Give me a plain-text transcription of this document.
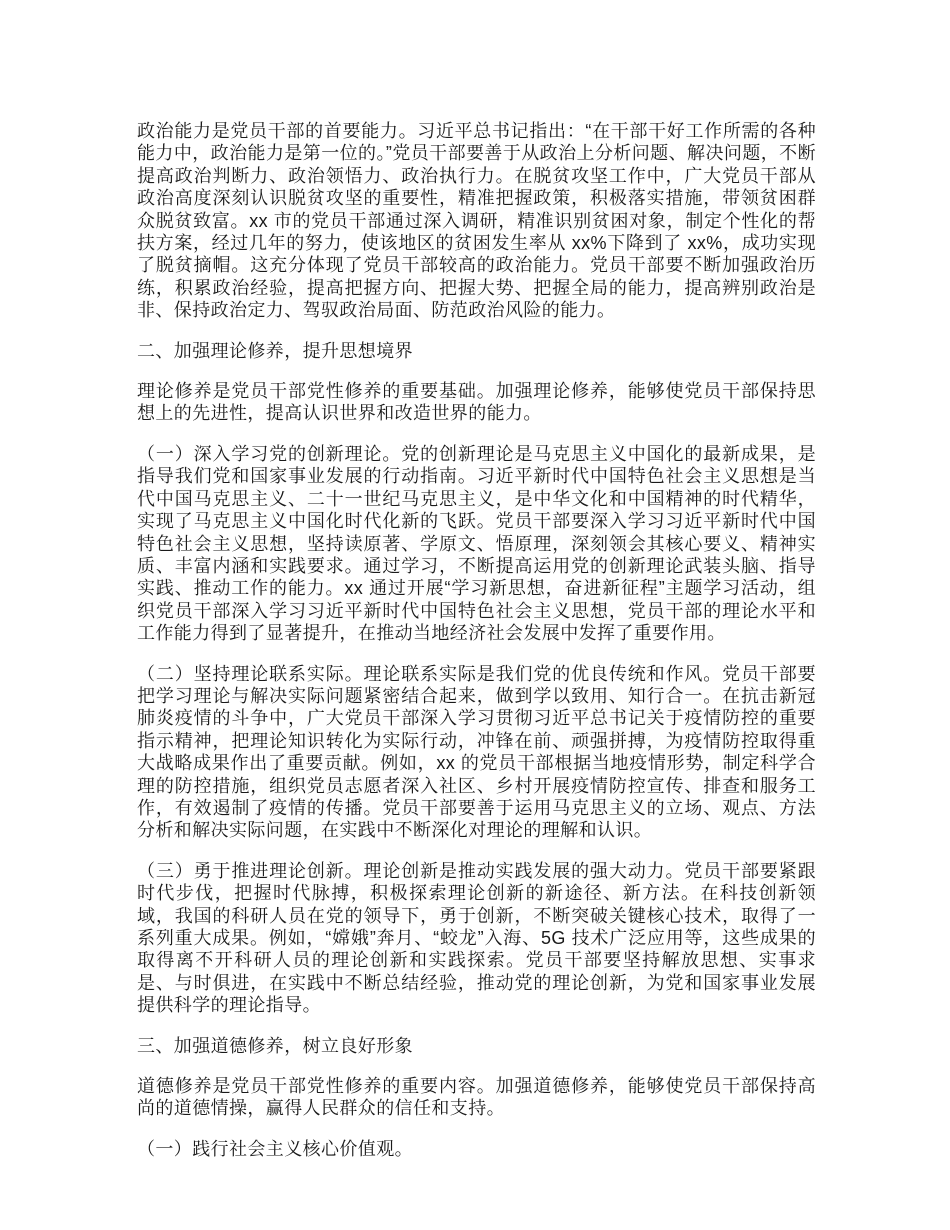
政治能力是党员干部的首要能力。习近平总书记指出：“在干部干好工作所需的各种能力中，政治能力是第一位的。”党员干部要善于从政治上分析问题、解决问题，不断提高政治判断力、政治领悟力、政治执行力。在脱贫攻坚工作中，广大党员干部从政治高度深刻认识脱贫攻坚的重要性，精准把握政策，积极落实措施，带领贫困群众脱贫致富。xx 市的党员干部通过深入调研，精准识别贫困对象，制定个性化的帮扶方案，经过几年的努力，使该地区的贫困发生率从 xx%下降到了 xx%，成功实现了脱贫摘帽。这充分体现了党员干部较高的政治能力。党员干部要不断加强政治历练，积累政治经验，提高把握方向、把握大势、把握全局的能力，提高辨别政治是非、保持政治定力、驾驭政治局面、防范政治风险的能力。

二、加强理论修养，提升思想境界

理论修养是党员干部党性修养的重要基础。加强理论修养，能够使党员干部保持思想上的先进性，提高认识世界和改造世界的能力。

（一）深入学习党的创新理论。党的创新理论是马克思主义中国化的最新成果，是指导我们党和国家事业发展的行动指南。习近平新时代中国特色社会主义思想是当代中国马克思主义、二十一世纪马克思主义，是中华文化和中国精神的时代精华，实现了马克思主义中国化时代化新的飞跃。党员干部要深入学习习近平新时代中国特色社会主义思想，坚持读原著、学原文、悟原理，深刻领会其核心要义、精神实质、丰富内涵和实践要求。通过学习，不断提高运用党的创新理论武装头脑、指导实践、推动工作的能力。xx 通过开展“学习新思想，奋进新征程”主题学习活动，组织党员干部深入学习习近平新时代中国特色社会主义思想，党员干部的理论水平和工作能力得到了显著提升，在推动当地经济社会发展中发挥了重要作用。

（二）坚持理论联系实际。理论联系实际是我们党的优良传统和作风。党员干部要把学习理论与解决实际问题紧密结合起来，做到学以致用、知行合一。在抗击新冠肺炎疫情的斗争中，广大党员干部深入学习贯彻习近平总书记关于疫情防控的重要指示精神，把理论知识转化为实际行动，冲锋在前、顽强拼搏，为疫情防控取得重大战略成果作出了重要贡献。例如，xx 的党员干部根据当地疫情形势，制定科学合理的防控措施，组织党员志愿者深入社区、乡村开展疫情防控宣传、排查和服务工作，有效遏制了疫情的传播。党员干部要善于运用马克思主义的立场、观点、方法分析和解决实际问题，在实践中不断深化对理论的理解和认识。

（三）勇于推进理论创新。理论创新是推动实践发展的强大动力。党员干部要紧跟时代步伐，把握时代脉搏，积极探索理论创新的新途径、新方法。在科技创新领域，我国的科研人员在党的领导下，勇于创新，不断突破关键核心技术，取得了一系列重大成果。例如，“嫦娥”奔月、“蛟龙”入海、5G 技术广泛应用等，这些成果的取得离不开科研人员的理论创新和实践探索。党员干部要坚持解放思想、实事求是、与时俱进，在实践中不断总结经验，推动党的理论创新，为党和国家事业发展提供科学的理论指导。

三、加强道德修养，树立良好形象

道德修养是党员干部党性修养的重要内容。加强道德修养，能够使党员干部保持高尚的道德情操，赢得人民群众的信任和支持。

（一）践行社会主义核心价值观。
